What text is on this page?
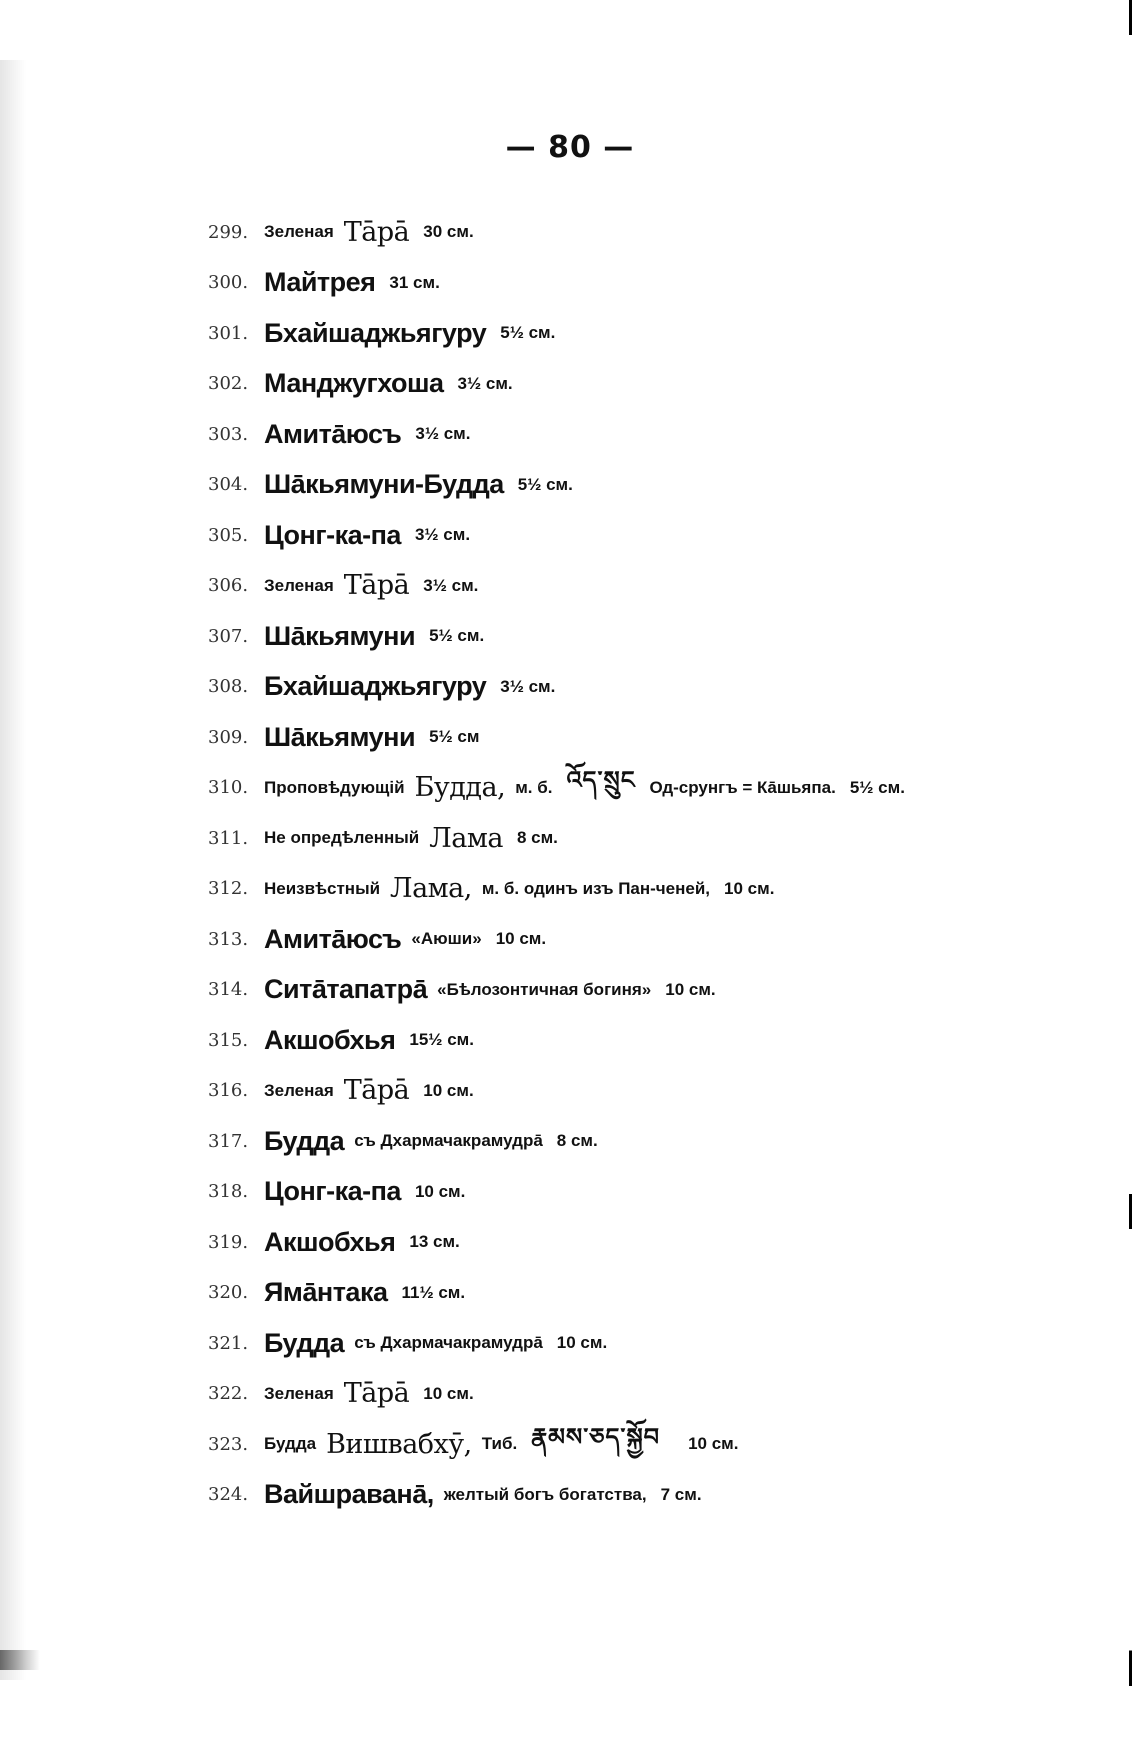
— 80 —
299. Зеленая Тāрā 30 см.
300. Майтрея 31 см.
301. Бхайшаджьягуру 5½ см.
302. Манджугхоша 3½ см.
303. Амитāюсъ 3½ см.
304. Шāкьямуни-Будда 5½ см.
305. Цонг-ка-па 3½ см.
306. Зеленая Тāрā 3½ см.
307. Шāкьямуни 5½ см.
308. Бхайшаджьягуру 3½ см.
309. Шāкьямуни 5½ см
310. Проповѣдующій Будда, м. б. འོད་སྲུང Од-срунгъ = Кāшьяпа. 5½ см.
311. Не опредѣленный Лама 8 см.
312. Неизвѣстный Лама, м. б. одинъ изъ Пан-ченей, 10 см.
313. Амитāюсъ «Аюши» 10 см.
314. Ситāтапатрā «Бѣлозонтичная богиня» 10 см.
315. Акшобхья 15½ см.
316. Зеленая Тāрā 10 см.
317. Будда съ Дхармачакрамудрā 8 см.
318. Цонг-ка-па 10 см.
319. Акшобхья 13 см.
320. Ямāнтака 11½ см.
321. Будда съ Дхармачакрамудрā 10 см.
322. Зеленая Тāрā 10 см.
323. Будда Вишвабхӯ, Тиб. རྣམས་ཅད་སྐྱོབ 10 см.
324. Вайшраванā, желтый богъ богатства, 7 см.
